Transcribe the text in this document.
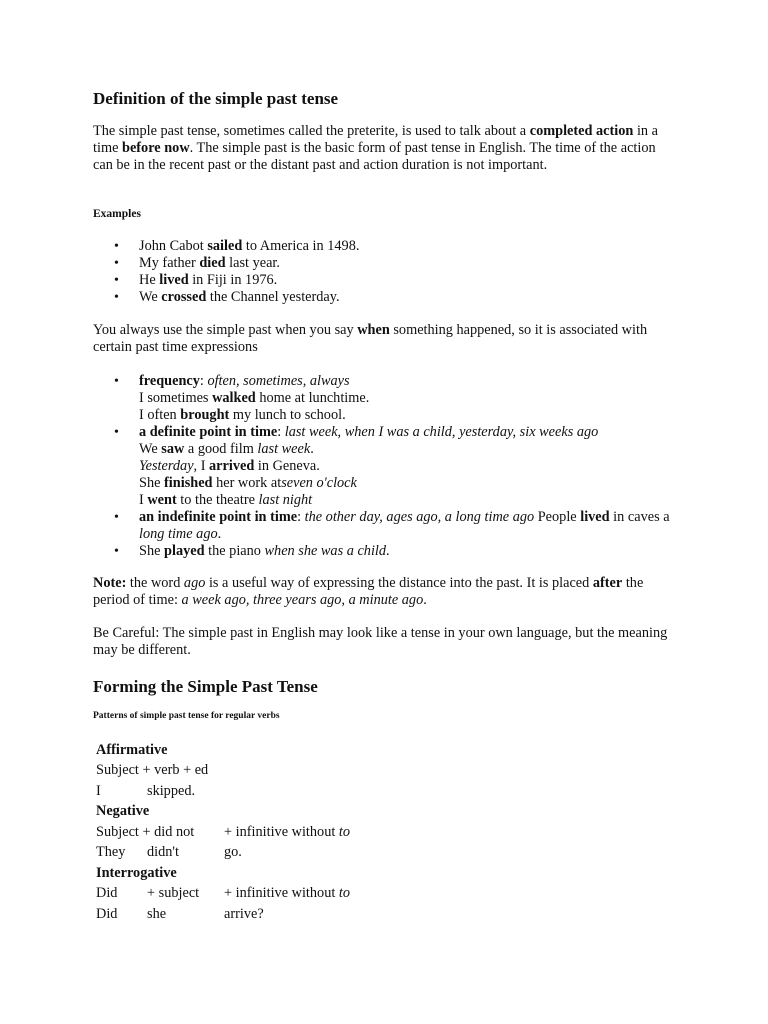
Definition of the simple past tense
The simple past tense, sometimes called the preterite, is used to talk about a completed action in a time before now. The simple past is the basic form of past tense in English. The time of the action can be in the recent past or the distant past and action duration is not important.
Examples
• John Cabot sailed to America in 1498.
• My father died last year.
• He lived in Fiji in 1976.
• We crossed the Channel yesterday.
You always use the simple past when you say when something happened, so it is associated with certain past time expressions
• frequency: often, sometimes, always
I sometimes walked home at lunchtime.
I often brought my lunch to school.
• a definite point in time: last week, when I was a child, yesterday, six weeks ago
We saw a good film last week.
Yesterday, I arrived in Geneva.
She finished her work atseven o'clock
I went to the theatre last night
• an indefinite point in time: the other day, ages ago, a long time ago People lived in caves a long time ago.
• She played the piano when she was a child.
Note: the word ago is a useful way of expressing the distance into the past. It is placed after the period of time: a week ago, three years ago, a minute ago.
Be Careful: The simple past in English may look like a tense in your own language, but the meaning may be different.
Forming the Simple Past Tense
Patterns of simple past tense for regular verbs
Affirmative		
Subject + verb + ed		
I	skipped.	
Negative		
Subject + did not		+ infinitive without to
They	didn't	go.
Interrogative		
Did	+ subject	+ infinitive without to
Did	she	arrive?
